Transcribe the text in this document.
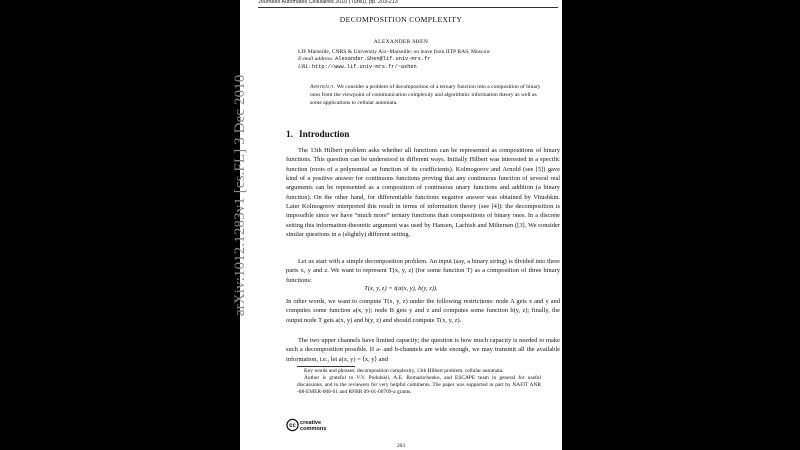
Journées Automates Cellulaires 2010 (Turku), pp. 203-213
DECOMPOSITION COMPLEXITY
ALEXANDER SHEN
LIF Marseille, CNRS & University Aix–Marseille; on leave from IITP RAS, Moscow
E-mail address: Alexander.Shen@lif.univ-mrs.fr
URL: http://www.lif.univ-mrs.fr/~ashen
Abstract. We consider a problem of decomposition of a ternary function into a composition of binary ones from the viewpoint of communication complexity and algorithmic information theory as well as some applications to cellular automata.
1. Introduction

The 13th Hilbert problem asks whether all functions can be represented as compositions of binary functions. This question can be understood in different ways. Initially Hilbert was interested in a specific function (roots of a polynomial as function of its coefficients). Kolmogorov and Arnold (see [5]) gave kind of a positive answer for continuous functions proving that any continuous function of several real arguments can be represented as a composition of continuous unary functions and addition (a binary function). On the other hand, for differentiable functions negative answer was obtained by Vitushkin. Later Kolmogorov interpreted this result in terms of information theory (see [4]): the decomposition is impossible since we have “much more” ternary functions than compositions of binary ones. In a discrete setting this information-theoretic argument was used by Hansen, Lachish and Miltersen ([3]. We consider similar questions in a (slightly) different setting.

Let us start with a simple decomposition problem. An input (say, a binary string) is divided into three parts x, y and z. We want to represent T(x, y, z) (for some function T) as a composition of three binary functions:

T(x, y, z) = t(a(x, y), b(y, z)).

In other words, we want to compute T(x, y, z) under the following restrictions: node A gets x and y and computes some function a(x, y); node B gets y and z and computes some function b(y, z); finally, the output node T gets a(x, y) and b(y, z) and should compute T(x, y, z).

The two upper channels have limited capacity; the question is how much capacity is needed to make such a decomposition possible. If a- and b-channels are wide enough, we may transmit all the available information, i.e., let a(x, y) = ⟨x, y⟩ and

Key words and phrases: decomposition complexity, 13th Hilbert problem, cellular automata.

Author is grateful to V.V. Podolskii, A.E. Romashchenko, and ESCAPE team in general for useful discussions, and to the reviewers for very helpful comments. The paper was supported in part by NAFIT ANR -08-EMER-008-01 and RFBR 09-01-00709-a grants.

cc
creative
commons
203
arXiv:1012.1283v1 [cs.FL] 3 Dec 2010
